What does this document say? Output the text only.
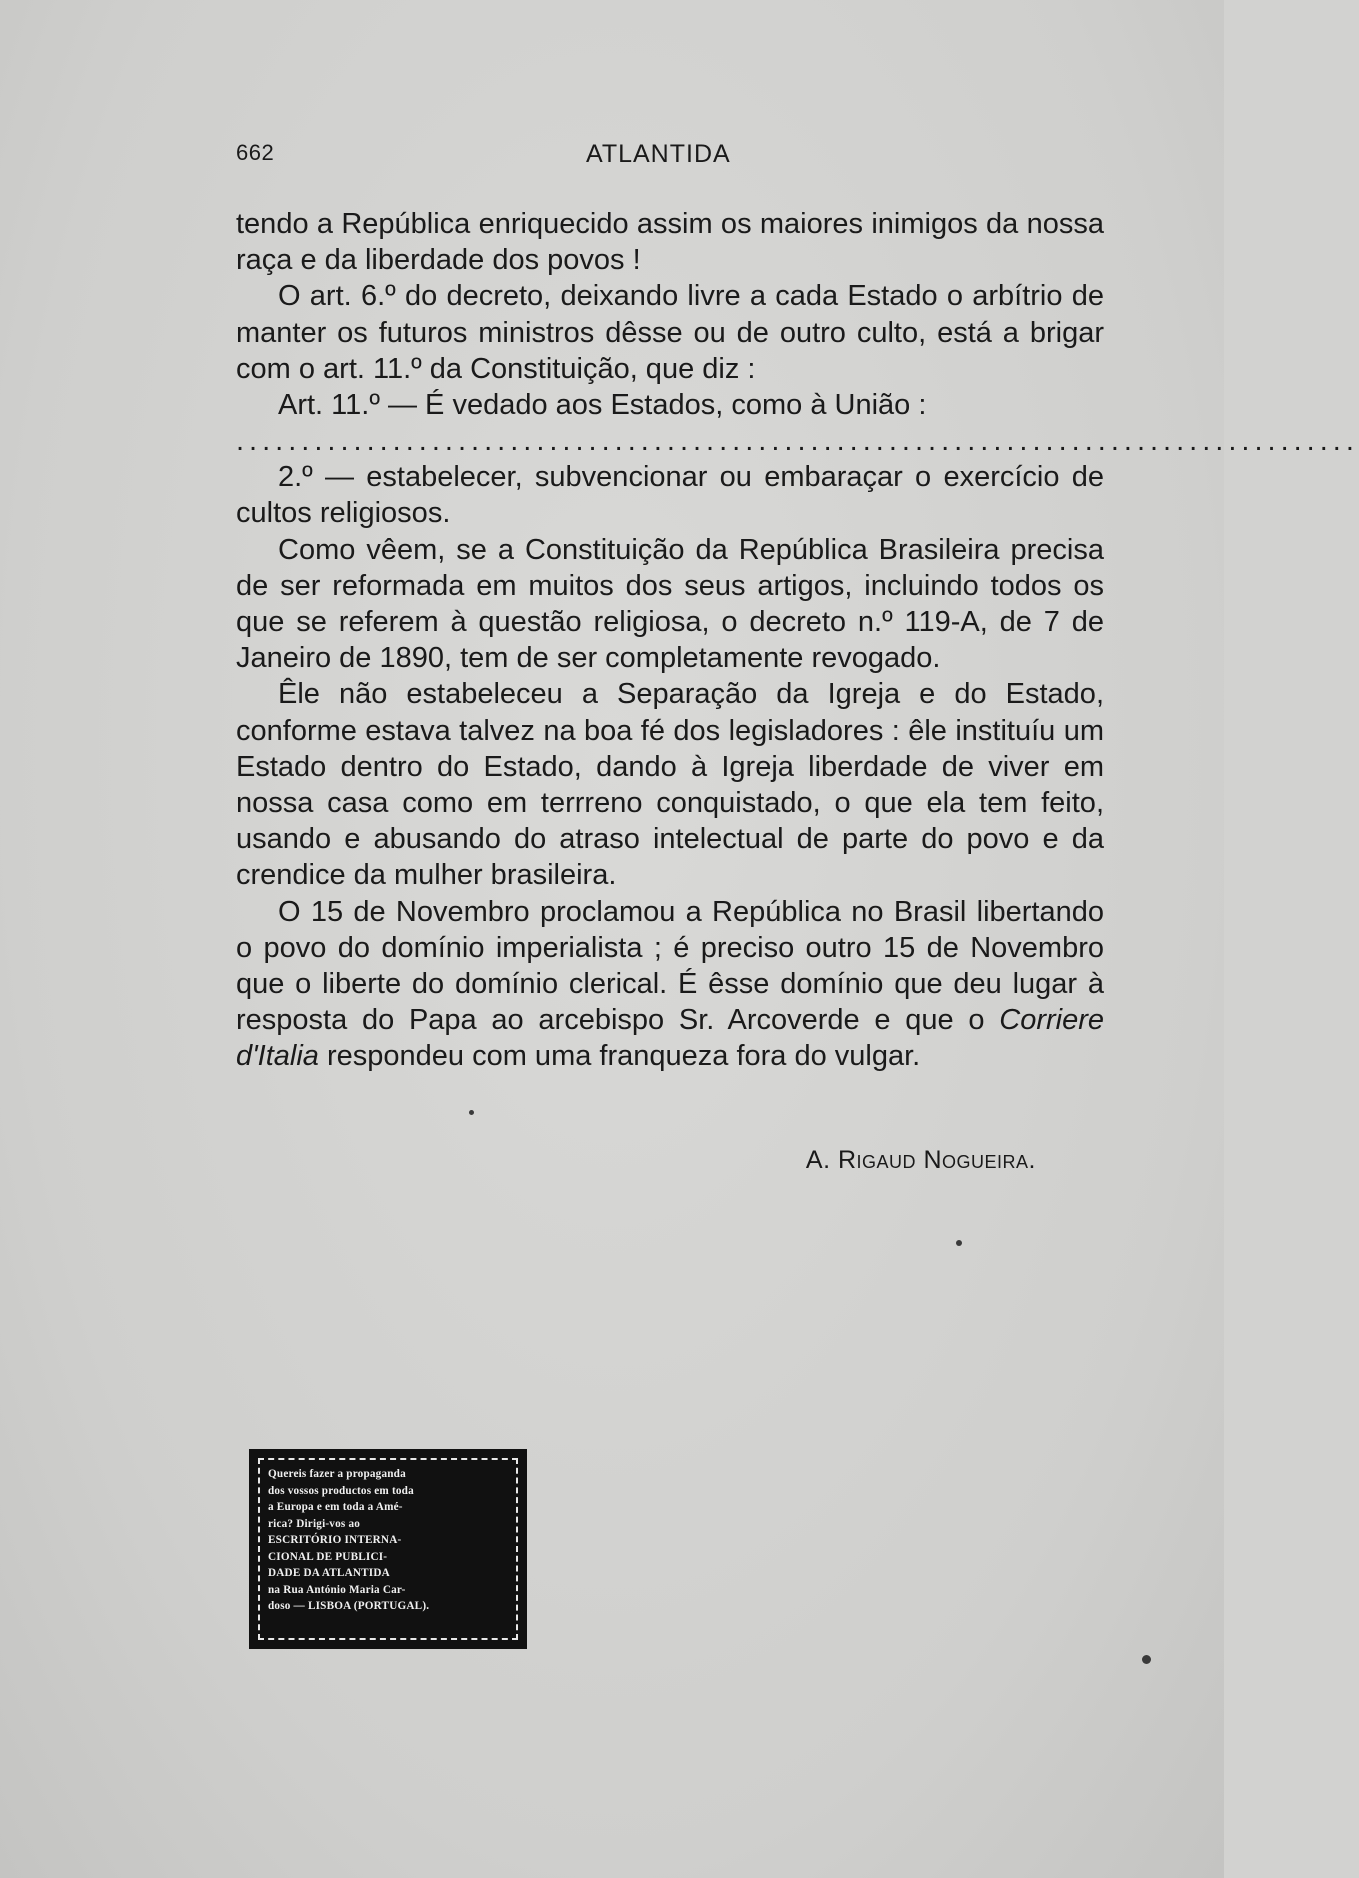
662	ATLANTIDA

tendo a República enriquecido assim os maiores inimigos da nossa raça e da liberdade dos povos !

O art. 6.º do decreto, deixando livre a cada Estado o arbítrio de manter os futuros ministros dêsse ou de outro culto, está a brigar com o art. 11.º da Constituição, que diz :

Art. 11.º — É vedado aos Estados, como à União :

......................................................................................

2.º — estabelecer, subvencionar ou embaraçar o exercício de cultos religiosos.

Como vêem, se a Constituição da República Brasileira precisa de ser reformada em muitos dos seus artigos, incluindo todos os que se referem à questão religiosa, o decreto n.º 119-A, de 7 de Janeiro de 1890, tem de ser completamente revogado.

Êle não estabeleceu a Separação da Igreja e do Estado, conforme estava talvez na boa fé dos legisladores : êle instituíu um Estado dentro do Estado, dando à Igreja liberdade de viver em nossa casa como em terrreno conquistado, o que ela tem feito, usando e abusando do atraso intelectual de parte do povo e da crendice da mulher brasileira.

O 15 de Novembro proclamou a República no Brasil libertando o povo do domínio imperialista ; é preciso outro 15 de Novembro que o liberte do domínio clerical. É êsse domínio que deu lugar à resposta do Papa ao arcebispo Sr. Arcoverde e que o Corriere d'Italia respondeu com uma franqueza fora do vulgar.

A. Rigaud Nogueira.
Quereis fazer a propaganda
dos vossos productos em toda
a Europa e em toda a Amé-
rica? Dirigi-vos ao
ESCRITÓRIO INTERNA-
CIONAL DE PUBLICI-
DADE DA ATLANTIDA
na Rua António Maria Car-
doso — LISBOA (PORTUGAL).
